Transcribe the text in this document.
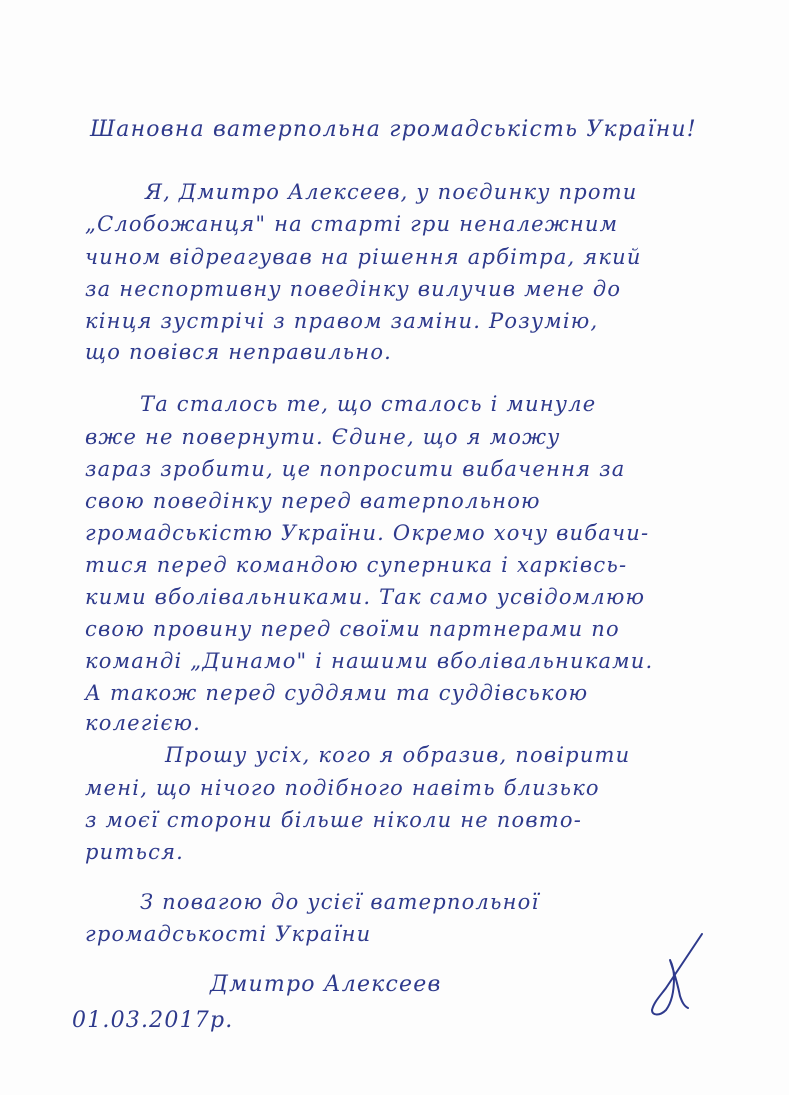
Шановна ватерпольна громадськість України!
Я, Дмитро Алексеев, у поєдинку проти
„Слобожанця" на старті гри неналежним
чином відреагував на рішення арбітра, який
за неспортивну поведінку вилучив мене до
кінця зустрічі з правом заміни. Розумію,
що повівся неправильно.
Та сталось те, що сталось і минуле
вже не повернути. Єдине, що я можу
зараз зробити, це попросити вибачення за
свою поведінку перед ватерпольною
громадськістю України. Окремо хочу вибачи-
тися перед командою суперника і харківсь-
кими вболівальниками. Так само усвідомлюю
свою провину перед своїми партнерами по
команді „Динамо" і нашими вболівальниками.
А також перед суддями та суддівською
колегією.
Прошу усіх, кого я образив, повірити
мені, що нічого подібного навіть близько
з моєї сторони більше ніколи не повто-
риться.
З повагою до усієї ватерпольної
громадськості України
Дмитро Алексеев
01.03.2017р.
